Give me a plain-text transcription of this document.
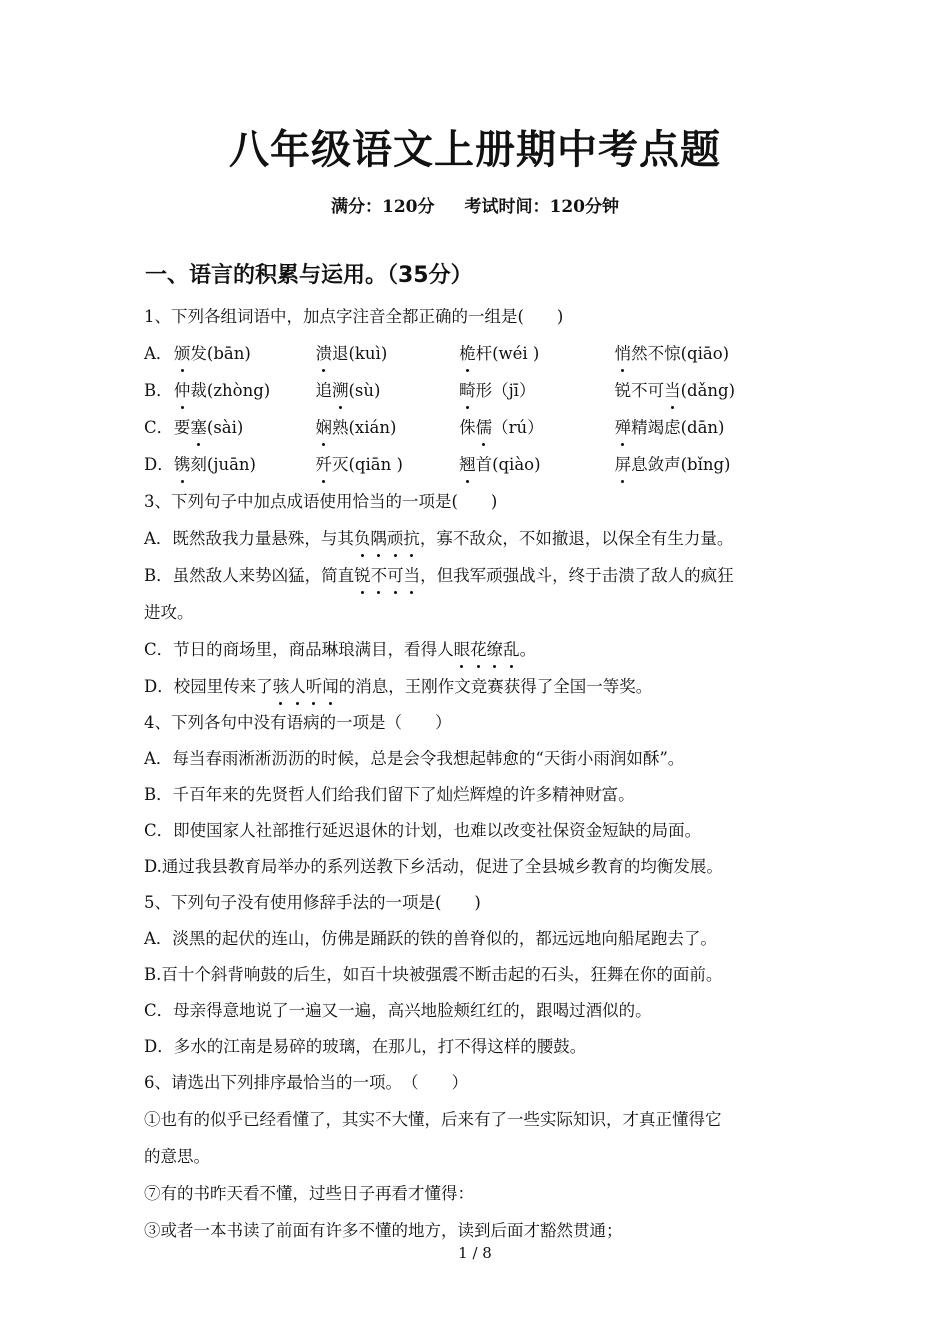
八年级语文上册期中考点题
满分：120分 考试时间：120分钟
一、语言的积累与运用。（35分）
1、下列各组词语中，加点字注音全都正确的一组是(　　)
A． 颁发(bān)	溃退(kuì)	桅杆(wéi )	悄然不惊(qiāo)
B． 仲裁(zhòng)	追溯(sù)	畸形（jī）	锐不可当(dǎng)
C． 要塞(sài)	娴熟(xián)	侏儒（rú）	殚精竭虑(dān)
D． 镌刻(juān)	歼灭(qiān )	翘首(qiào)	屏息敛声(bǐng)
3、下列句子中加点成语使用恰当的一项是(　　)
A．既然敌我力量悬殊，与其负隅顽抗，寡不敌众，不如撤退，以保全有生力量。
B．虽然敌人来势凶猛，简直锐不可当，但我军顽强战斗，终于击溃了敌人的疯狂
进攻。
C．节日的商场里，商品琳琅满目，看得人眼花缭乱。
D．校园里传来了骇人听闻的消息，王刚作文竞赛获得了全国一等奖。
4、下列各句中没有语病的一项是（　　）
A．每当春雨淅淅沥沥的时候，总是会令我想起韩愈的“天街小雨润如酥”。
B．千百年来的先贤哲人们给我们留下了灿烂辉煌的许多精神财富。
C．即使国家人社部推行延迟退休的计划，也难以改变社保资金短缺的局面。
D.通过我县教育局举办的系列送教下乡活动，促进了全县城乡教育的均衡发展。
5、下列句子没有使用修辞手法的一项是(　　)
A．淡黑的起伏的连山，仿佛是踊跃的铁的兽脊似的，都远远地向船尾跑去了。
B.百十个斜背响鼓的后生，如百十块被强震不断击起的石头，狂舞在你的面前。
C．母亲得意地说了一遍又一遍，高兴地脸颊红红的，跟喝过酒似的。
D．多水的江南是易碎的玻璃，在那儿，打不得这样的腰鼓。
6、请选出下列排序最恰当的一项。　（　　）
①也有的似乎已经看懂了，其实不大懂，后来有了一些实际知识，才真正懂得它
的意思。
⑦有的书昨天看不懂，过些日子再看才懂得：
③或者一本书读了前面有许多不懂的地方，读到后面才豁然贯通；
1 / 8
